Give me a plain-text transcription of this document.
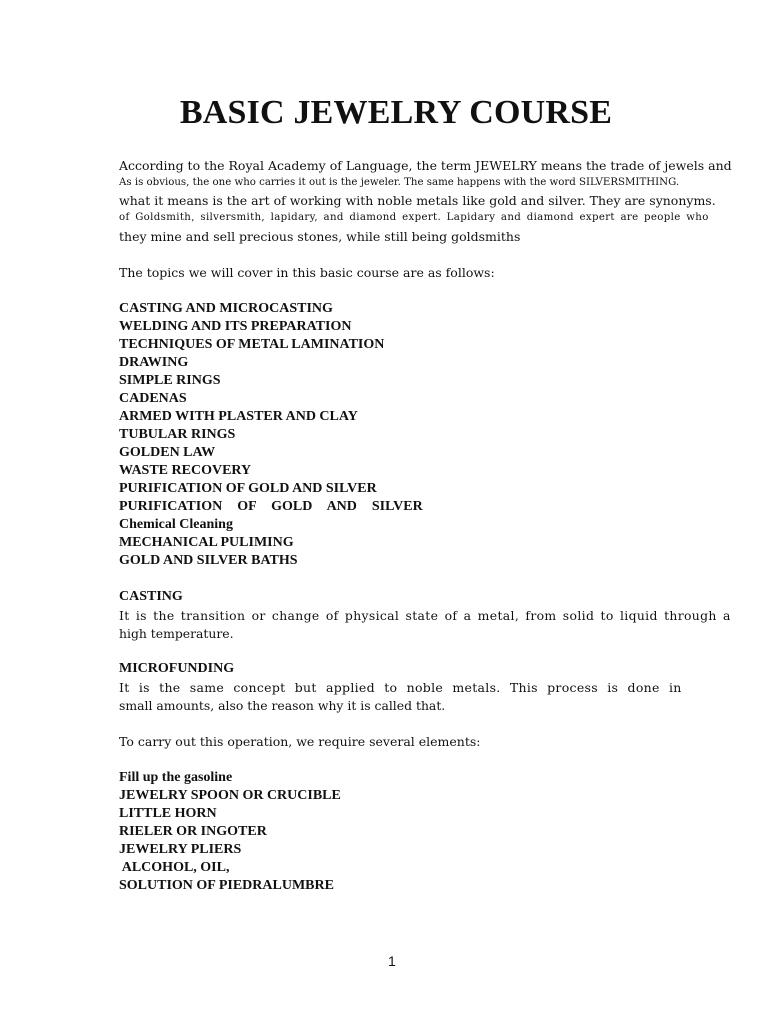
BASIC JEWELRY COURSE

According to the Royal Academy of Language, the term JEWELRY means the trade of jewels and

As is obvious, the one who carries it out is the jeweler. The same happens with the word SILVERSMITHING.

what it means is the art of working with noble metals like gold and silver. They are synonyms.

of Goldsmith, silversmith, lapidary, and diamond expert. Lapidary and diamond expert are people who

they mine and sell precious stones, while still being goldsmiths

The topics we will cover in this basic course are as follows:

CASTING AND MICROCASTING

WELDING AND ITS PREPARATION

TECHNIQUES OF METAL LAMINATION

DRAWING

SIMPLE RINGS

CADENAS

ARMED WITH PLASTER AND CLAY

TUBULAR RINGS

GOLDEN LAW

WASTE RECOVERY

PURIFICATION OF GOLD AND SILVER

PURIFICATION  OF  GOLD  AND  SILVER

Chemical Cleaning

MECHANICAL PULIMING

GOLD AND SILVER BATHS

CASTING

It is the transition or change of physical state of a metal, from solid to liquid through a

high temperature.

MICROFUNDING

It is the same concept but applied to noble metals. This process is done in

small amounts, also the reason why it is called that.

To carry out this operation, we require several elements:

Fill up the gasoline

JEWELRY SPOON OR CRUCIBLE

LITTLE HORN

RIELER OR INGOTER

JEWELRY PLIERS

ALCOHOL, OIL,

SOLUTION OF PIEDRALUMBRE

1
